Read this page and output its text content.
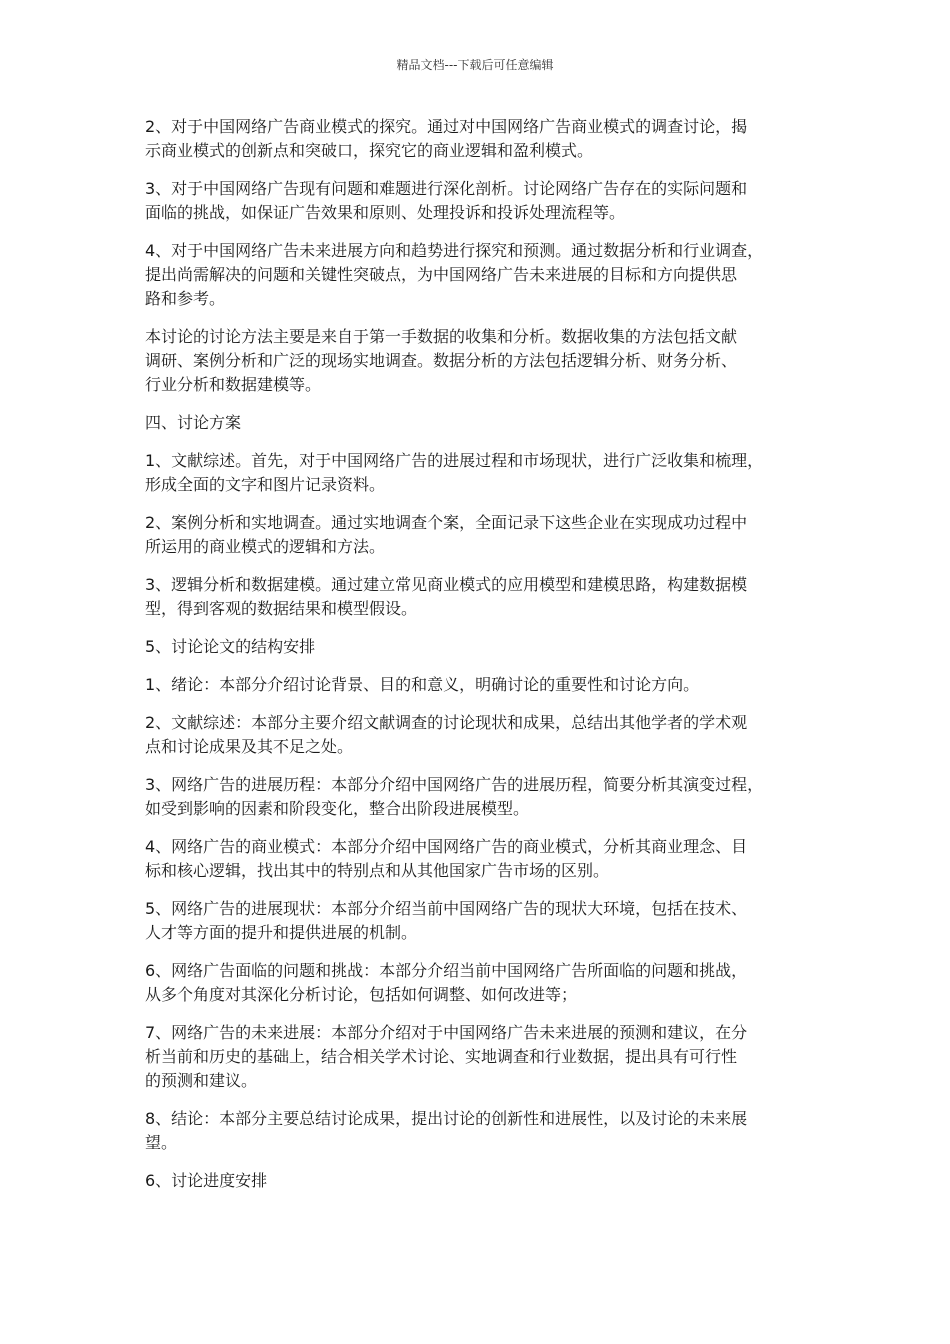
精品文档---下载后可任意编辑
2、对于中国网络广告商业模式的探究。通过对中国网络广告商业模式的调查讨论，揭
示商业模式的创新点和突破口，探究它的商业逻辑和盈利模式。
3、对于中国网络广告现有问题和难题进行深化剖析。讨论网络广告存在的实际问题和
面临的挑战，如保证广告效果和原则、处理投诉和投诉处理流程等。
4、对于中国网络广告未来进展方向和趋势进行探究和预测。通过数据分析和行业调查，
提出尚需解决的问题和关键性突破点，为中国网络广告未来进展的目标和方向提供思
路和参考。
本讨论的讨论方法主要是来自于第一手数据的收集和分析。数据收集的方法包括文献
调研、案例分析和广泛的现场实地调查。数据分析的方法包括逻辑分析、财务分析、
行业分析和数据建模等。
四、讨论方案
1、文献综述。首先，对于中国网络广告的进展过程和市场现状，进行广泛收集和梳理，
形成全面的文字和图片记录资料。
2、案例分析和实地调查。通过实地调查个案，全面记录下这些企业在实现成功过程中
所运用的商业模式的逻辑和方法。
3、逻辑分析和数据建模。通过建立常见商业模式的应用模型和建模思路，构建数据模
型，得到客观的数据结果和模型假设。
5、讨论论文的结构安排
1、绪论：本部分介绍讨论背景、目的和意义，明确讨论的重要性和讨论方向。
2、文献综述：本部分主要介绍文献调查的讨论现状和成果，总结出其他学者的学术观
点和讨论成果及其不足之处。
3、网络广告的进展历程：本部分介绍中国网络广告的进展历程，简要分析其演变过程，
如受到影响的因素和阶段变化，整合出阶段进展模型。
4、网络广告的商业模式：本部分介绍中国网络广告的商业模式，分析其商业理念、目
标和核心逻辑，找出其中的特别点和从其他国家广告市场的区别。
5、网络广告的进展现状：本部分介绍当前中国网络广告的现状大环境，包括在技术、
人才等方面的提升和提供进展的机制。
6、网络广告面临的问题和挑战：本部分介绍当前中国网络广告所面临的问题和挑战，
从多个角度对其深化分析讨论，包括如何调整、如何改进等；
7、网络广告的未来进展：本部分介绍对于中国网络广告未来进展的预测和建议，在分
析当前和历史的基础上，结合相关学术讨论、实地调查和行业数据，提出具有可行性
的预测和建议。
8、结论：本部分主要总结讨论成果，提出讨论的创新性和进展性，以及讨论的未来展
望。
6、讨论进度安排
